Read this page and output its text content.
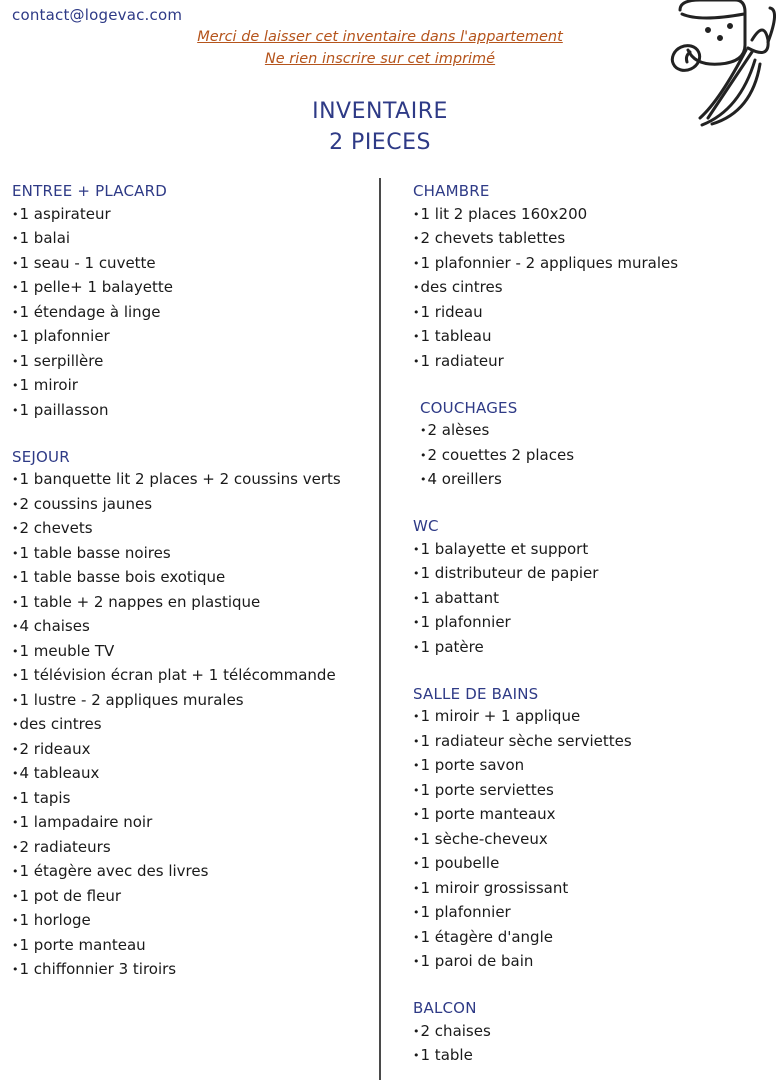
contact@logevac.com
Merci de laisser cet inventaire dans l'appartement
Ne rien inscrire sur cet imprimé
INVENTAIRE
2 PIECES
ENTREE + PLACARD
•1 aspirateur
•1 balai
•1 seau - 1 cuvette
•1 pelle+ 1 balayette
•1 étendage à linge
•1 plafonnier
•1 serpillère
•1 miroir
•1 paillasson
SEJOUR
•1 banquette lit 2 places + 2 coussins verts
•2 coussins jaunes
•2 chevets
•1 table basse noires
•1 table basse bois exotique
•1 table + 2 nappes en plastique
•4 chaises
•1 meuble TV
•1 télévision écran plat + 1 télécommande
•1 lustre - 2 appliques murales
•des cintres
•2 rideaux
•4 tableaux
•1 tapis
•1 lampadaire noir
•2 radiateurs
•1 étagère avec des livres
•1 pot de fleur
•1 horloge
•1 porte manteau
•1 chiffonnier 3 tiroirs
CHAMBRE
•1 lit 2 places 160x200
•2 chevets tablettes
•1 plafonnier - 2 appliques murales
•des cintres
•1 rideau
•1 tableau
•1 radiateur
COUCHAGES
•2 alèses
•2 couettes 2 places
•4 oreillers
WC
•1 balayette et support
•1 distributeur de papier
•1 abattant
•1 plafonnier
•1 patère
SALLE DE BAINS
•1 miroir + 1 applique
•1 radiateur sèche serviettes
•1 porte savon
•1 porte serviettes
•1 porte manteaux
•1 sèche-cheveux
•1 poubelle
•1 miroir grossissant
•1 plafonnier
•1 étagère d'angle
•1 paroi de bain
BALCON
•2 chaises
•1 table
